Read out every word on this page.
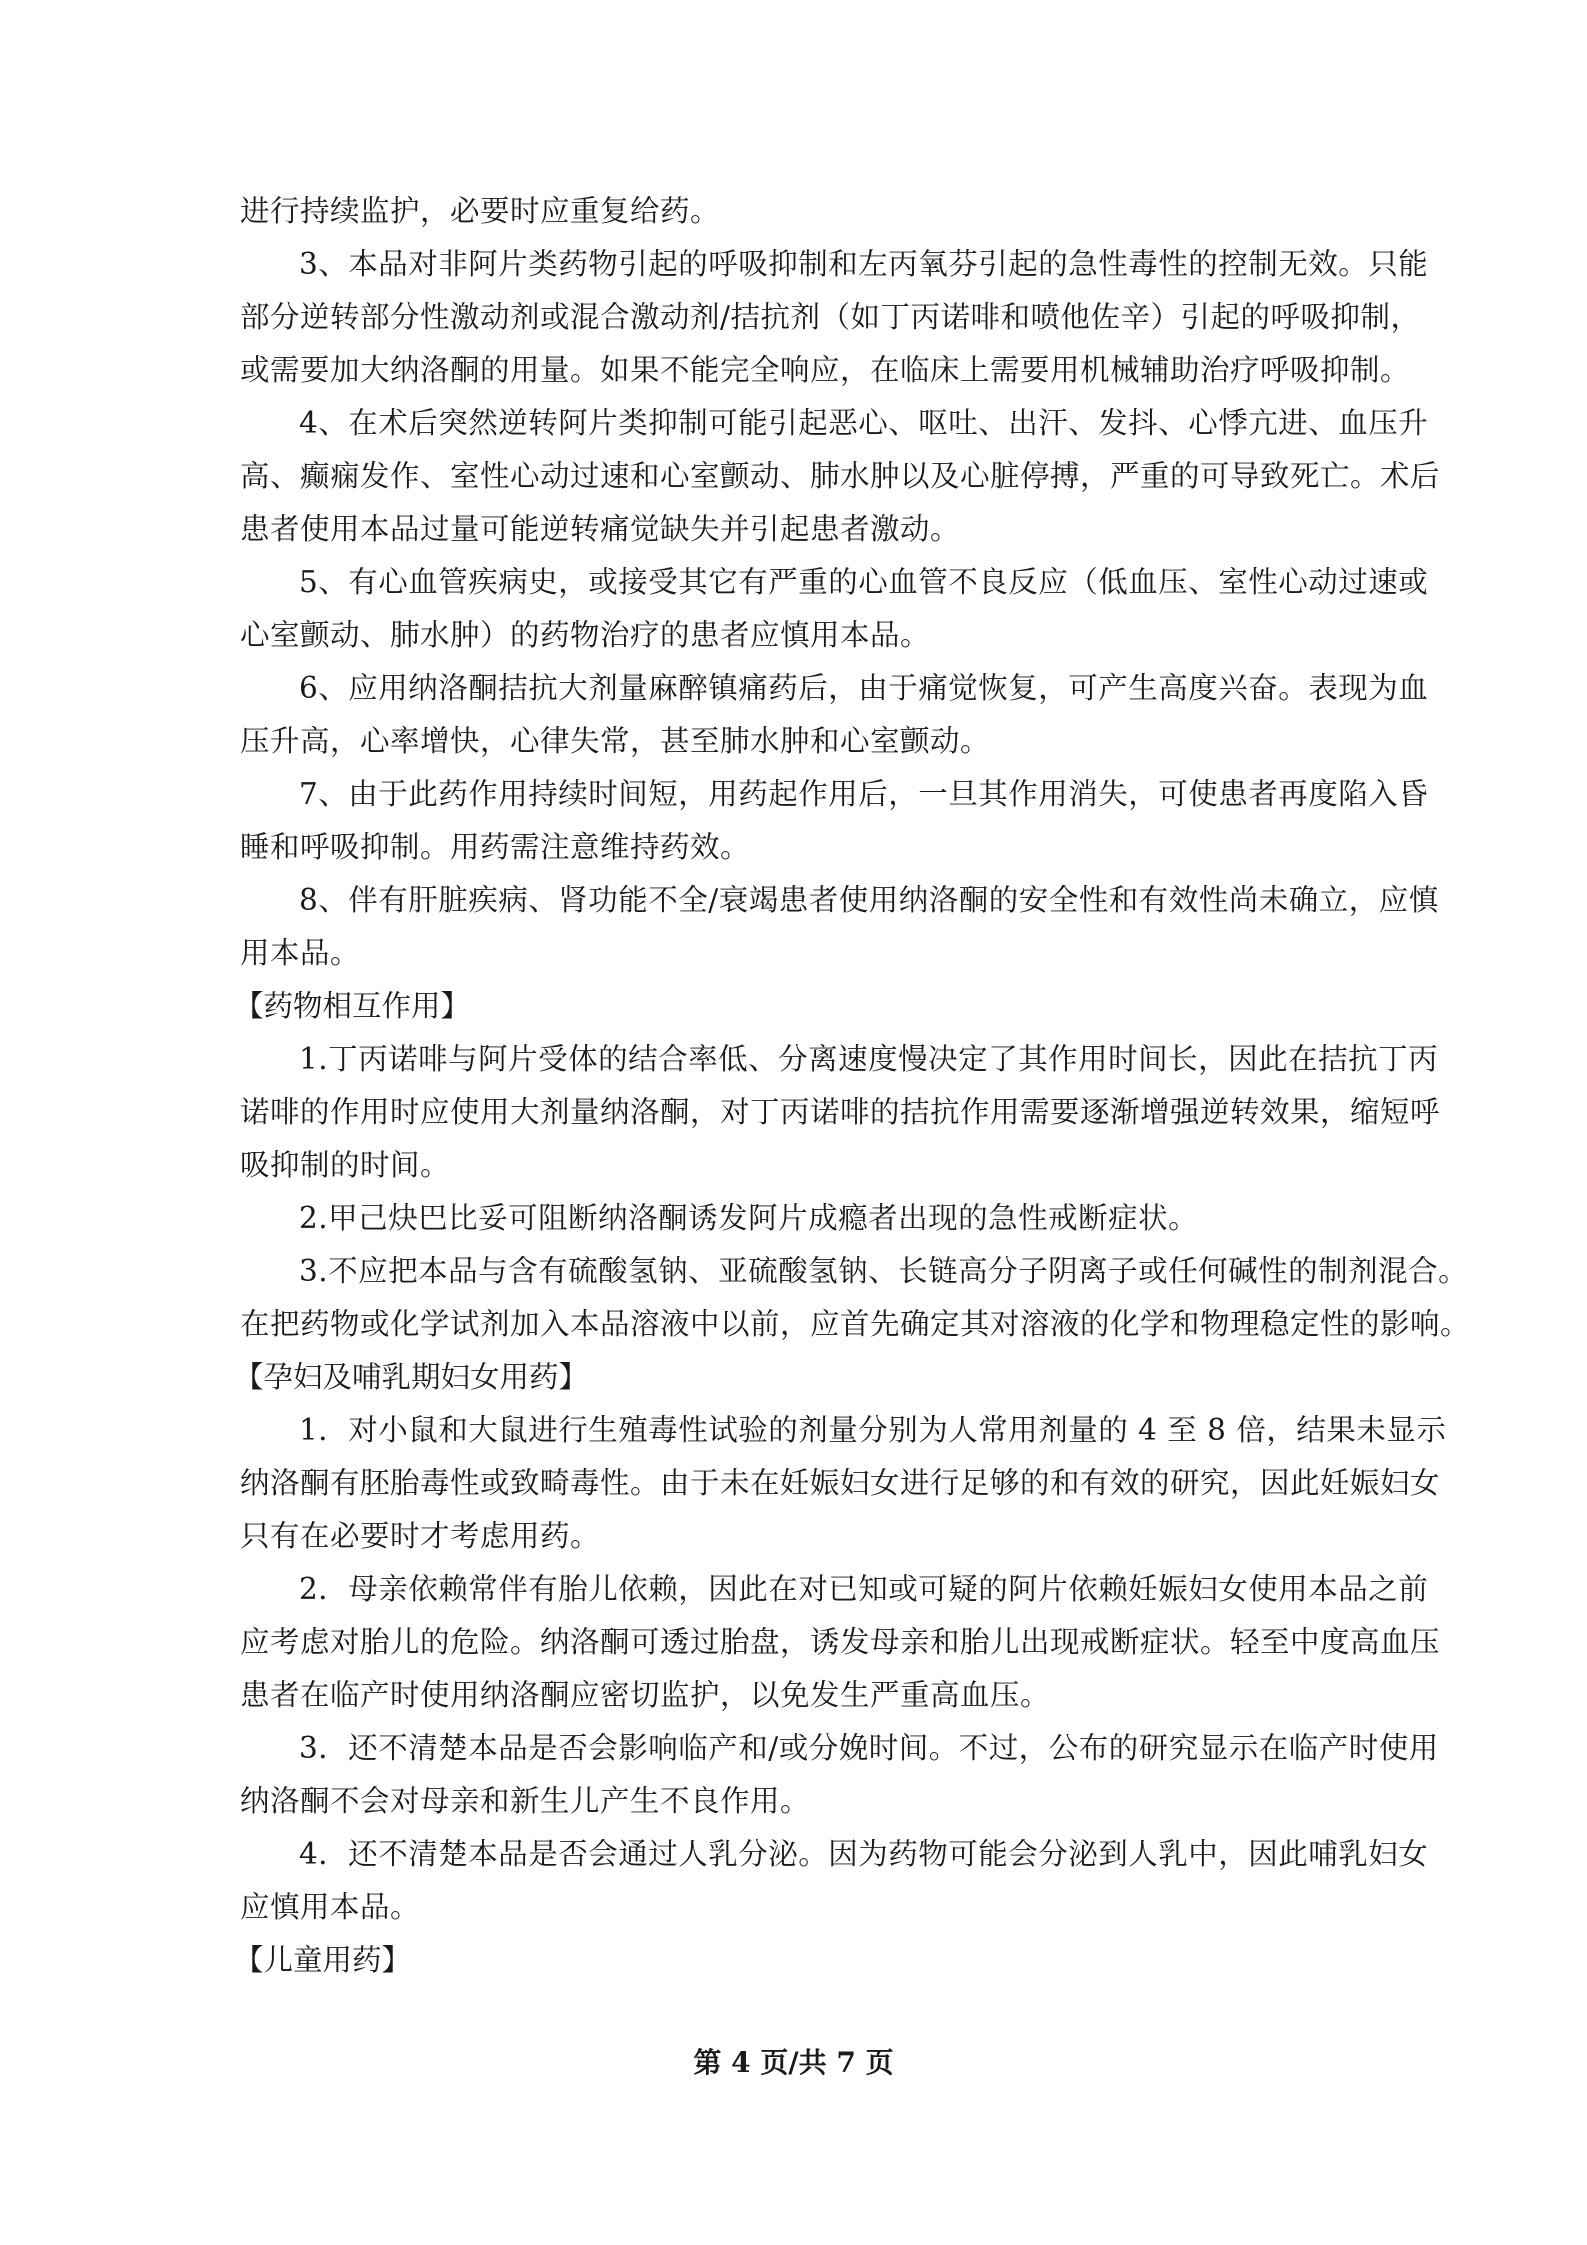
进行持续监护，必要时应重复给药。
3、本品对非阿片类药物引起的呼吸抑制和左丙氧芬引起的急性毒性的控制无效。只能
部分逆转部分性激动剂或混合激动剂/拮抗剂（如丁丙诺啡和喷他佐辛）引起的呼吸抑制，
或需要加大纳洛酮的用量。如果不能完全响应，在临床上需要用机械辅助治疗呼吸抑制。
4、在术后突然逆转阿片类抑制可能引起恶心、呕吐、出汗、发抖、心悸亢进、血压升
高、癫痫发作、室性心动过速和心室颤动、肺水肿以及心脏停搏，严重的可导致死亡。术后
患者使用本品过量可能逆转痛觉缺失并引起患者激动。
5、有心血管疾病史，或接受其它有严重的心血管不良反应（低血压、室性心动过速或
心室颤动、肺水肿）的药物治疗的患者应慎用本品。
6、应用纳洛酮拮抗大剂量麻醉镇痛药后，由于痛觉恢复，可产生高度兴奋。表现为血
压升高，心率增快，心律失常，甚至肺水肿和心室颤动。
7、由于此药作用持续时间短，用药起作用后，一旦其作用消失，可使患者再度陷入昏
睡和呼吸抑制。用药需注意维持药效。
8、伴有肝脏疾病、肾功能不全/衰竭患者使用纳洛酮的安全性和有效性尚未确立，应慎
用本品。
【药物相互作用】
1.丁丙诺啡与阿片受体的结合率低、分离速度慢决定了其作用时间长，因此在拮抗丁丙
诺啡的作用时应使用大剂量纳洛酮，对丁丙诺啡的拮抗作用需要逐渐增强逆转效果，缩短呼
吸抑制的时间。
2.甲己炔巴比妥可阻断纳洛酮诱发阿片成瘾者出现的急性戒断症状。
3.不应把本品与含有硫酸氢钠、亚硫酸氢钠、长链高分子阴离子或任何碱性的制剂混合。
在把药物或化学试剂加入本品溶液中以前，应首先确定其对溶液的化学和物理稳定性的影响。
【孕妇及哺乳期妇女用药】
1．对小鼠和大鼠进行生殖毒性试验的剂量分别为人常用剂量的 4 至 8 倍，结果未显示
纳洛酮有胚胎毒性或致畸毒性。由于未在妊娠妇女进行足够的和有效的研究，因此妊娠妇女
只有在必要时才考虑用药。
2．母亲依赖常伴有胎儿依赖，因此在对已知或可疑的阿片依赖妊娠妇女使用本品之前
应考虑对胎儿的危险。纳洛酮可透过胎盘，诱发母亲和胎儿出现戒断症状。轻至中度高血压
患者在临产时使用纳洛酮应密切监护，以免发生严重高血压。
3．还不清楚本品是否会影响临产和/或分娩时间。不过，公布的研究显示在临产时使用
纳洛酮不会对母亲和新生儿产生不良作用。
4．还不清楚本品是否会通过人乳分泌。因为药物可能会分泌到人乳中，因此哺乳妇女
应慎用本品。
【儿童用药】
第 4 页/共 7 页
